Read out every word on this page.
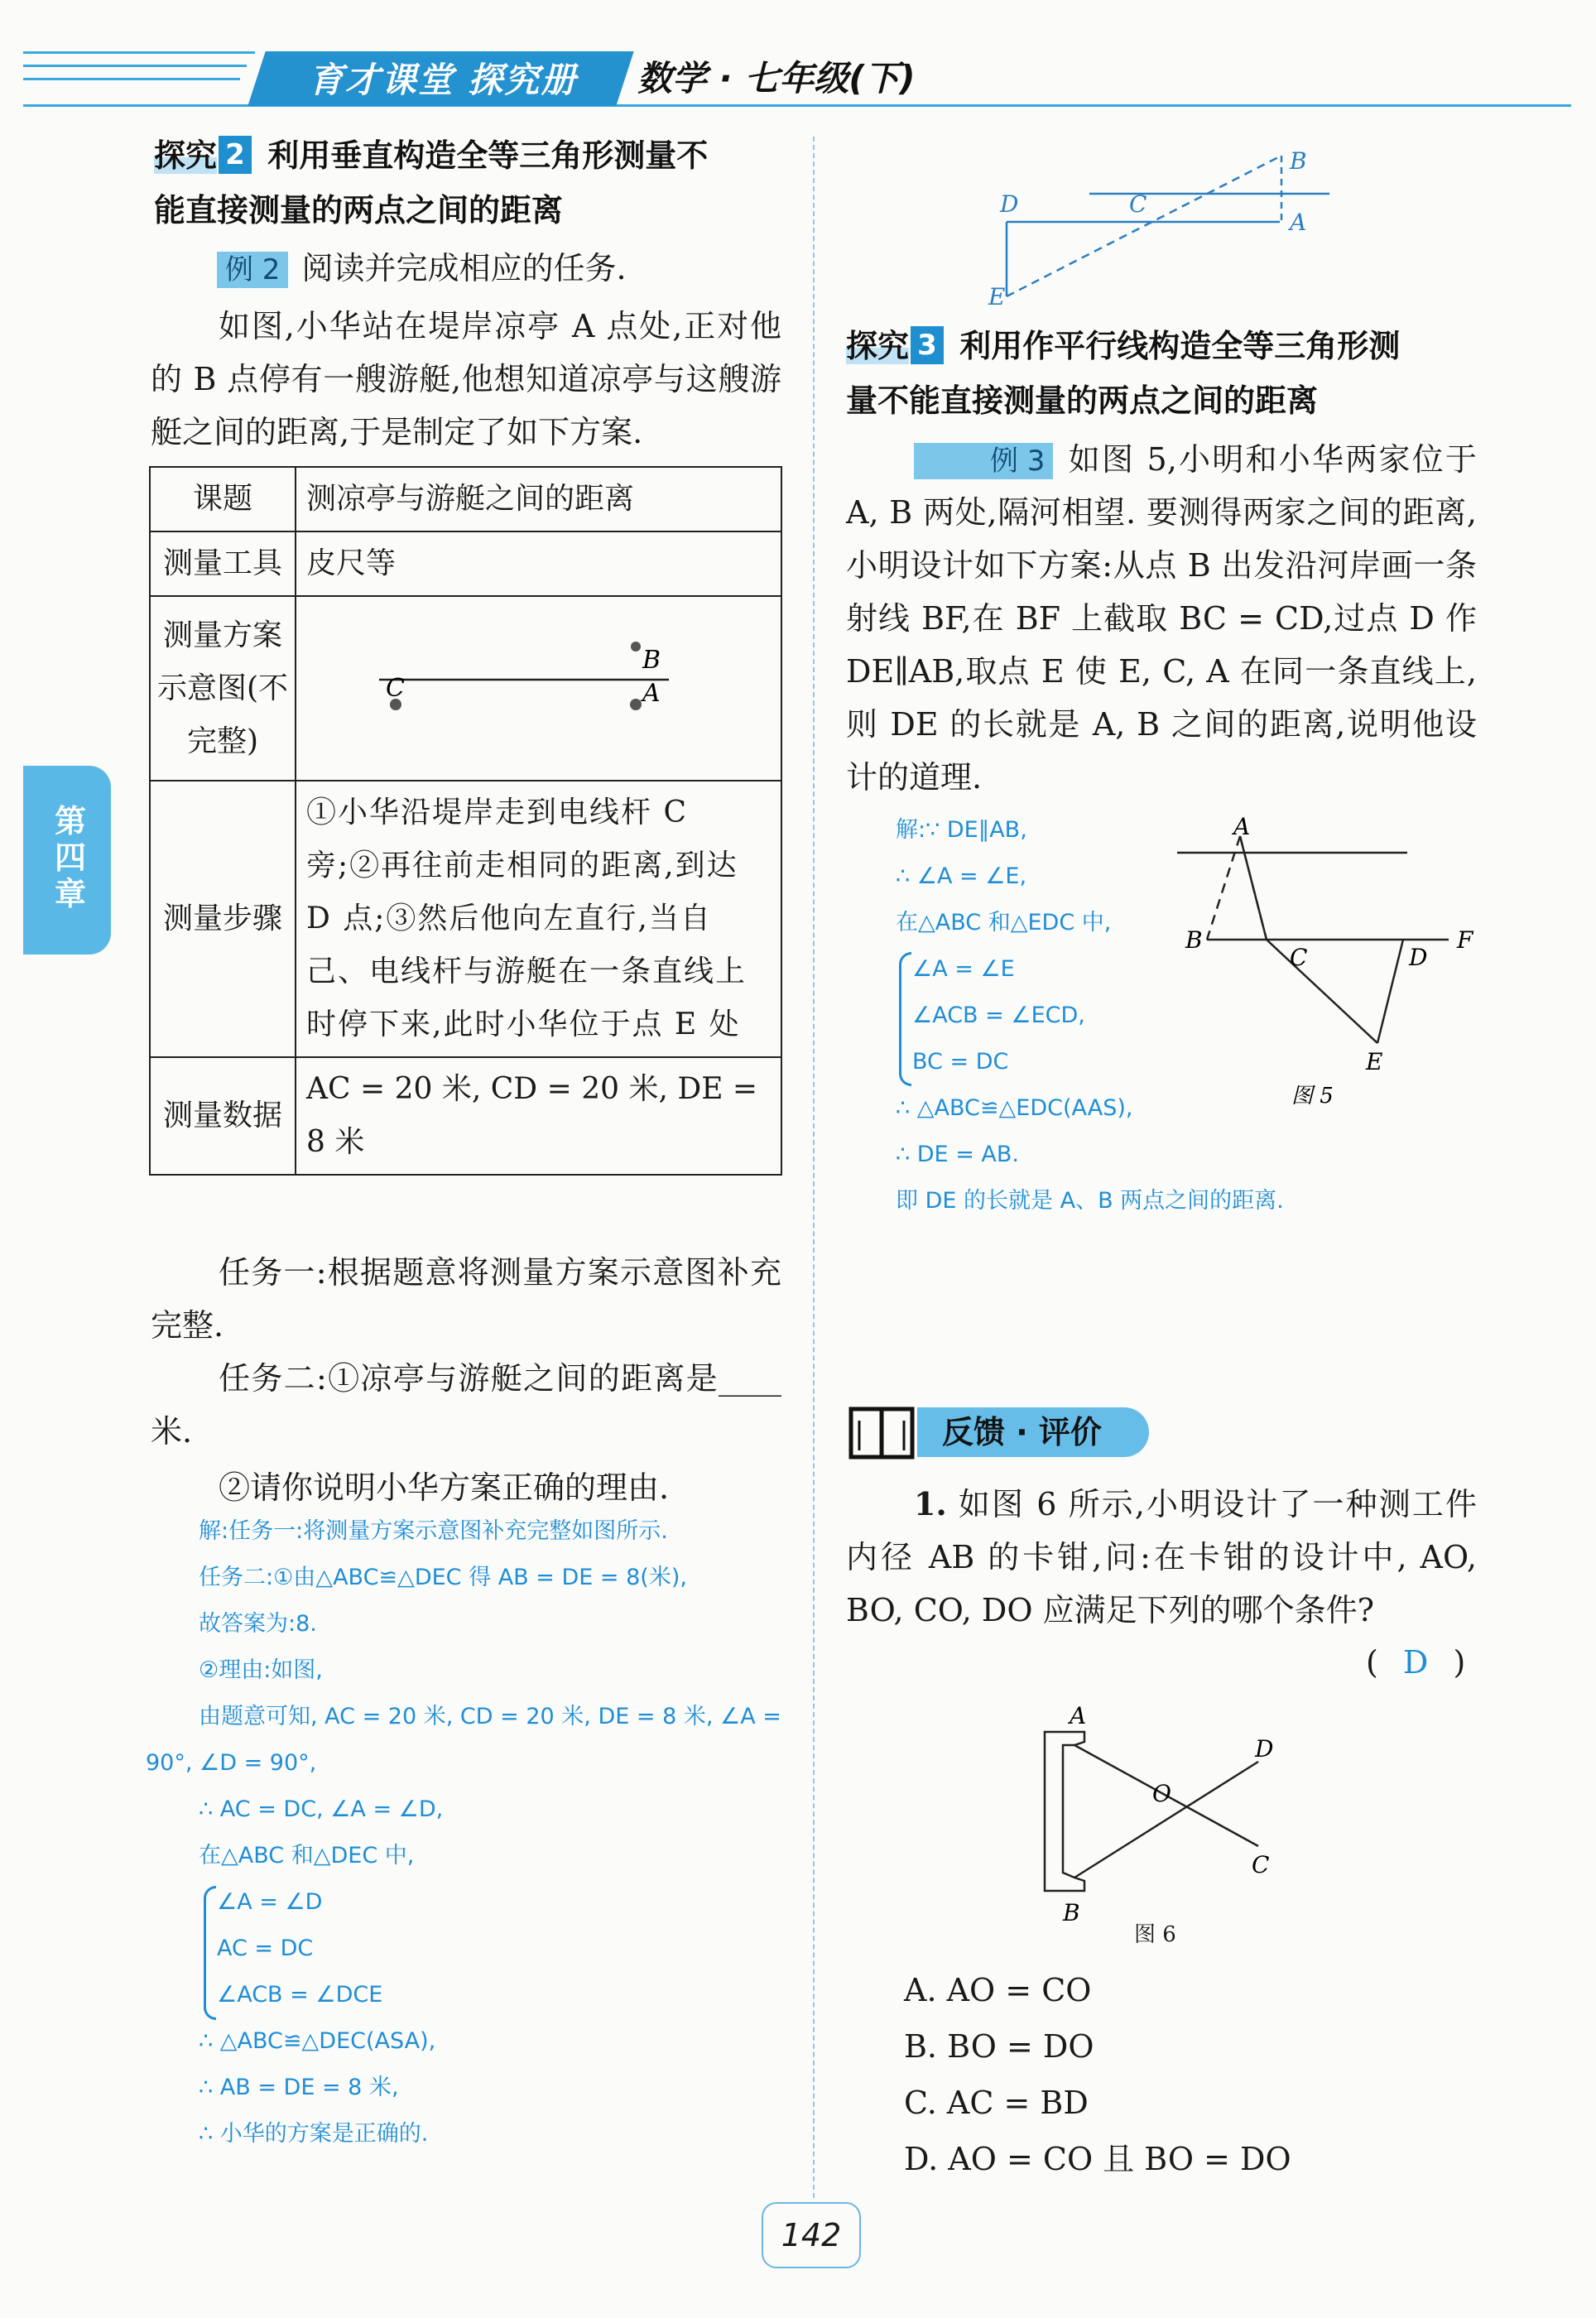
育才课堂 探究册	数学 · 七年级(下)
第四章
探究 2 利用垂直构造全等三角形测量不
能直接测量的两点之间的距离
例 2 阅读并完成相应的任务.
如图,小华站在堤岸凉亭 A 点处,正对他的 B 点停有一艘游艇,他想知道凉亭与这艘游艇之间的距离,于是制定了如下方案.
课题	测凉亭与游艇之间的距离
测量工具	皮尺等
测量方案示意图(不完整)	B
C A

测量步骤	①小华沿堤岸走到电线杆 C 旁;②再往前走相同的距离,到达 D 点;③然后他向左直行,当自己、电线杆与游艇在一条直线上时停下来,此时小华位于点 E 处
测量数据	AC = 20 米, CD = 20 米, DE = 8 米
任务一:根据题意将测量方案示意图补充完整.
任务二:①凉亭与游艇之间的距离是____米.
②请你说明小华方案正确的理由.
解:任务一:将测量方案示意图补充完整如图所示.
任务二:①由△ABC≌△DEC 得 AB = DE = 8(米),
故答案为:8.
②理由:如图,
由题意可知, AC = 20 米, CD = 20 米, DE = 8 米, ∠A =
90°, ∠D = 90°,
∴ AC = DC, ∠A = ∠D,
在△ABC 和△DEC 中,
∠A = ∠D
AC = DC
∠ACB = ∠DCE
∴ △ABC≌△DEC(ASA),
∴ AB = DE = 8 米,
∴ 小华的方案是正确的.
D	C
B
A
E
探究 3 利用作平行线构造全等三角形测
量不能直接测量的两点之间的距离
例 3 如图 5,小明和小华两家位于 A, B 两处,隔河相望. 要测得两家之间的距离,小明设计如下方案:从点 B 出发沿河岸画一条射线 BF,在 BF 上截取 BC = CD,过点 D 作 DE∥AB,取点 E 使 E, C, A 在同一条直线上,则 DE 的长就是 A, B 之间的距离,说明他设计的道理.
解:∵ DE∥AB,
∴ ∠A = ∠E,
在△ABC 和△EDC 中,
∠A = ∠E
∠ACB = ∠ECD,
BC = DC
∴ △ABC≌△EDC(AAS),
∴ DE = AB.
即 DE 的长就是 A、B 两点之间的距离.
A
B
C	D
E
F
图 5
反馈 · 评价
1. 如图 6 所示,小明设计了一种测工件内径 AB 的卡钳,问:在卡钳的设计中, AO, BO, CO, DO 应满足下列的哪个条件?
( D )
A
B
C
D
O
图 6
A. AO = CO
B. BO = DO
C. AC = BD
D. AO = CO 且 BO = DO
142
